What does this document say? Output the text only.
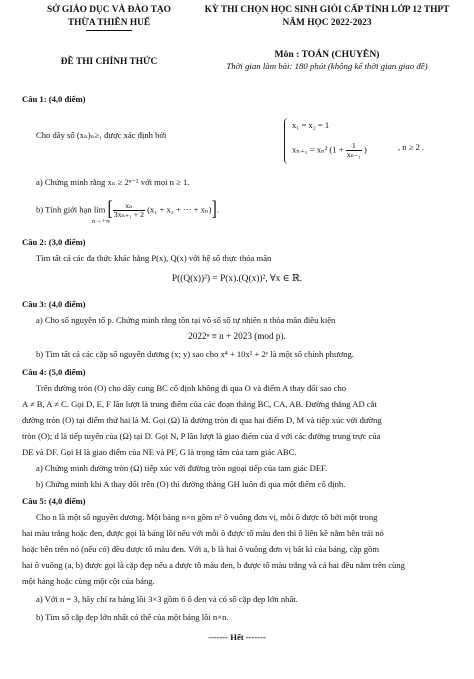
SỞ GIÁO DỤC VÀ ĐÀO TẠO
THỪA THIÊN HUẾ
ĐỀ THI CHÍNH THỨC
KỲ THI CHỌN HỌC SINH GIỎI CẤP TỈNH LỚP 12 THPT
NĂM HỌC 2022-2023
Môn : TOÁN (CHUYÊN)
Thời gian làm bài: 180 phút (không kể thời gian giao đề)
Câu 1: (4,0 điểm)
Cho dãy số (xₙ)ₙ≥₁ được xác định bởi
x₁ = x₂ = 1
xₙ₊₁ = xₙ² ($1 + \frac{1}{\text{xₙ₋₁}}$ )	, n ≥ 2 .
a) Chứng minh rằng xₙ ≥ 2ⁿ⁻² với mọi n ≥ 1.
b) Tính giới hạn lim [ $\frac{\text{xₙ}}{\text{3xₙ₊₁ + 2}} (x_1 + x_2$ + ··· + xₙ)].
n→+∞
Câu 2: (3,0 điểm)
Tìm tất cả các đa thức khác hằng P(x), Q(x) với hệ số thực thỏa mãn
P((Q(x))²) = P(x).(Q(x))², ∀x ∈ ℝ.
Câu 3: (4,0 điểm)
a) Cho số nguyên tố p. Chứng minh rằng tồn tại vô số số tự nhiên n thỏa mãn điều kiện
2022ⁿ ≡ n + 2023 (mod p).
b) Tìm tất cả các cặp số nguyên dương (x; y) sao cho x⁴ + 10x² + 2ʸ là một số chính phương.
Câu 4: (5,0 điểm)
Trên đường tròn (O) cho dây cung BC cố định không đi qua O và điểm A thay đổi sao cho
A ≠ B, A ≠ C. Gọi D, E, F lần lượt là trung điểm của các đoạn thẳng BC, CA, AB. Đường thẳng AD cắt
đường tròn (O) tại điểm thứ hai là M. Gọi (Ω) là đường tròn đi qua hai điểm D, M và tiếp xúc với đường
tròn (O); d là tiếp tuyến của (Ω) tại D. Gọi N, P lần lượt là giao điểm của d với các đường trung trực của
DE và DF. Gọi H là giao điểm của NE và PF, G là trọng tâm của tam giác ABC.
a) Chứng minh đường tròn (Ω) tiếp xúc với đường tròn ngoại tiếp của tam giác DEF.
b) Chứng minh khi A thay đổi trên (O) thì đường thẳng GH luôn đi qua một điểm cố định.
Câu 5: (4,0 điểm)
Cho n là một số nguyên dương. Một bảng n×n gồm n² ô vuông đơn vị, mỗi ô được tô bởi một trong
hai màu trắng hoặc đen, được gọi là bảng lồi nếu với mỗi ô được tô màu đen thì ô liền kề nằm bên trái nó
hoặc bên trên nó (nếu có) đều được tô màu đen. Với a, b là hai ô vuông đơn vị bất kì của bảng, cặp gồm
hai ô vuông (a, b) được gọi là cặp đẹp nếu a được tô màu đen, b được tô màu trắng và cả hai đều nằm trên cùng
một hàng hoặc cùng một cột của bảng.
a) Với n = 3, hãy chỉ ra bảng lồi 3×3 gồm 6 ô đen và có số cặp đẹp lớn nhất.
b) Tìm số cặp đẹp lớn nhất có thể của một bảng lồi n×n.
------- Hết -------
